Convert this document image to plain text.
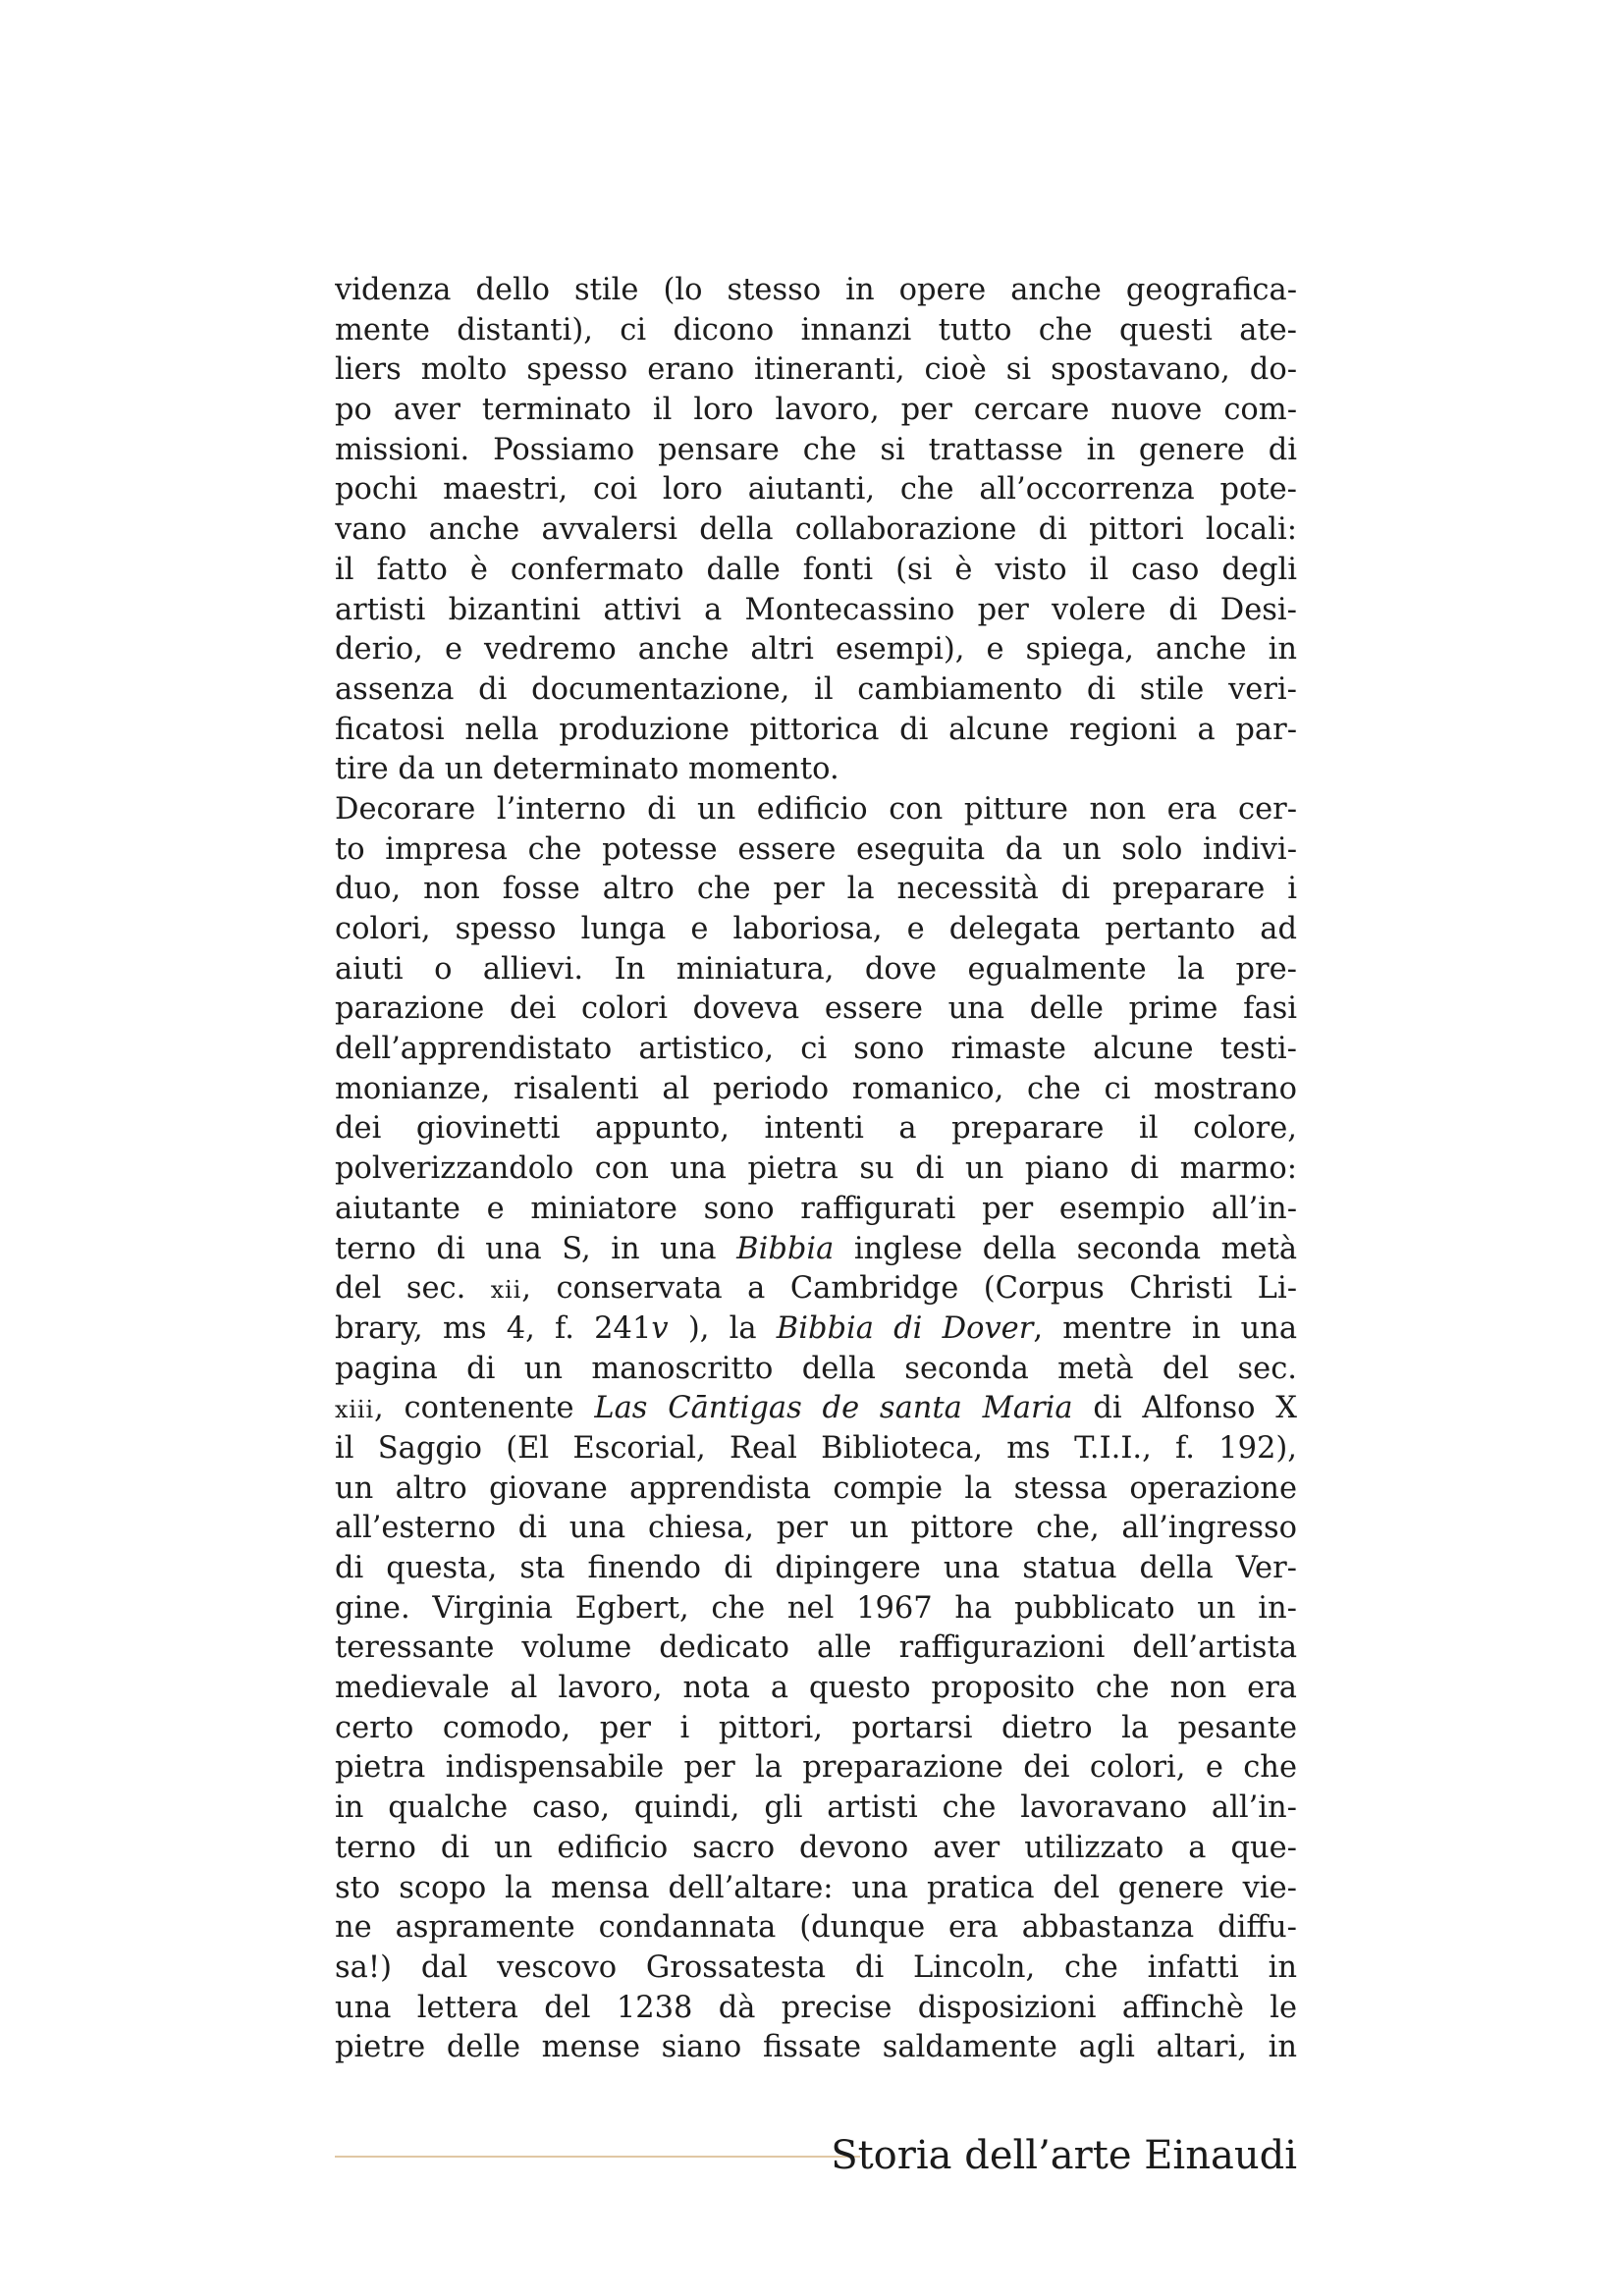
videnza dello stile (lo stesso in opere anche geografica-
mente distanti), ci dicono innanzi tutto che questi ate-
liers molto spesso erano itineranti, cioè si spostavano, do-
po aver terminato il loro lavoro, per cercare nuove com-
missioni. Possiamo pensare che si trattasse in genere di
pochi maestri, coi loro aiutanti, che all’occorrenza pote-
vano anche avvalersi della collaborazione di pittori locali:
il fatto è confermato dalle fonti (si è visto il caso degli
artisti bizantini attivi a Montecassino per volere di Desi-
derio, e vedremo anche altri esempi), e spiega, anche in
assenza di documentazione, il cambiamento di stile veri-
ficatosi nella produzione pittorica di alcune regioni a par-
tire da un determinato momento.
Decorare l’interno di un edificio con pitture non era cer-
to impresa che potesse essere eseguita da un solo indivi-
duo, non fosse altro che per la necessità di preparare i
colori, spesso lunga e laboriosa, e delegata pertanto ad
aiuti o allievi. In miniatura, dove egualmente la pre-
parazione dei colori doveva essere una delle prime fasi
dell’apprendistato artistico, ci sono rimaste alcune testi-
monianze, risalenti al periodo romanico, che ci mostrano
dei giovinetti appunto, intenti a preparare il colore,
polverizzandolo con una pietra su di un piano di marmo:
aiutante e miniatore sono raffigurati per esempio all’in-
terno di una S, in una Bibbia inglese della seconda metà
del sec. xii, conservata a Cambridge (Corpus Christi Li-
brary, ms 4, f. 241v ), la Bibbia di Dover, mentre in una
pagina di un manoscritto della seconda metà del sec.
xiii, contenente Las Cāntigas de santa Maria di Alfonso X
il Saggio (El Escorial, Real Biblioteca, ms T.I.I., f. 192),
un altro giovane apprendista compie la stessa operazione
all’esterno di una chiesa, per un pittore che, all’ingresso
di questa, sta finendo di dipingere una statua della Ver-
gine. Virginia Egbert, che nel 1967 ha pubblicato un in-
teressante volume dedicato alle raffigurazioni dell’artista
medievale al lavoro, nota a questo proposito che non era
certo comodo, per i pittori, portarsi dietro la pesante
pietra indispensabile per la preparazione dei colori, e che
in qualche caso, quindi, gli artisti che lavoravano all’in-
terno di un edificio sacro devono aver utilizzato a que-
sto scopo la mensa dell’altare: una pratica del genere vie-
ne aspramente condannata (dunque era abbastanza diffu-
sa!) dal vescovo Grossatesta di Lincoln, che infatti in
una lettera del 1238 dà precise disposizioni affinchè le
pietre delle mense siano fissate saldamente agli altari, in
Storia dell’arte Einaudi
